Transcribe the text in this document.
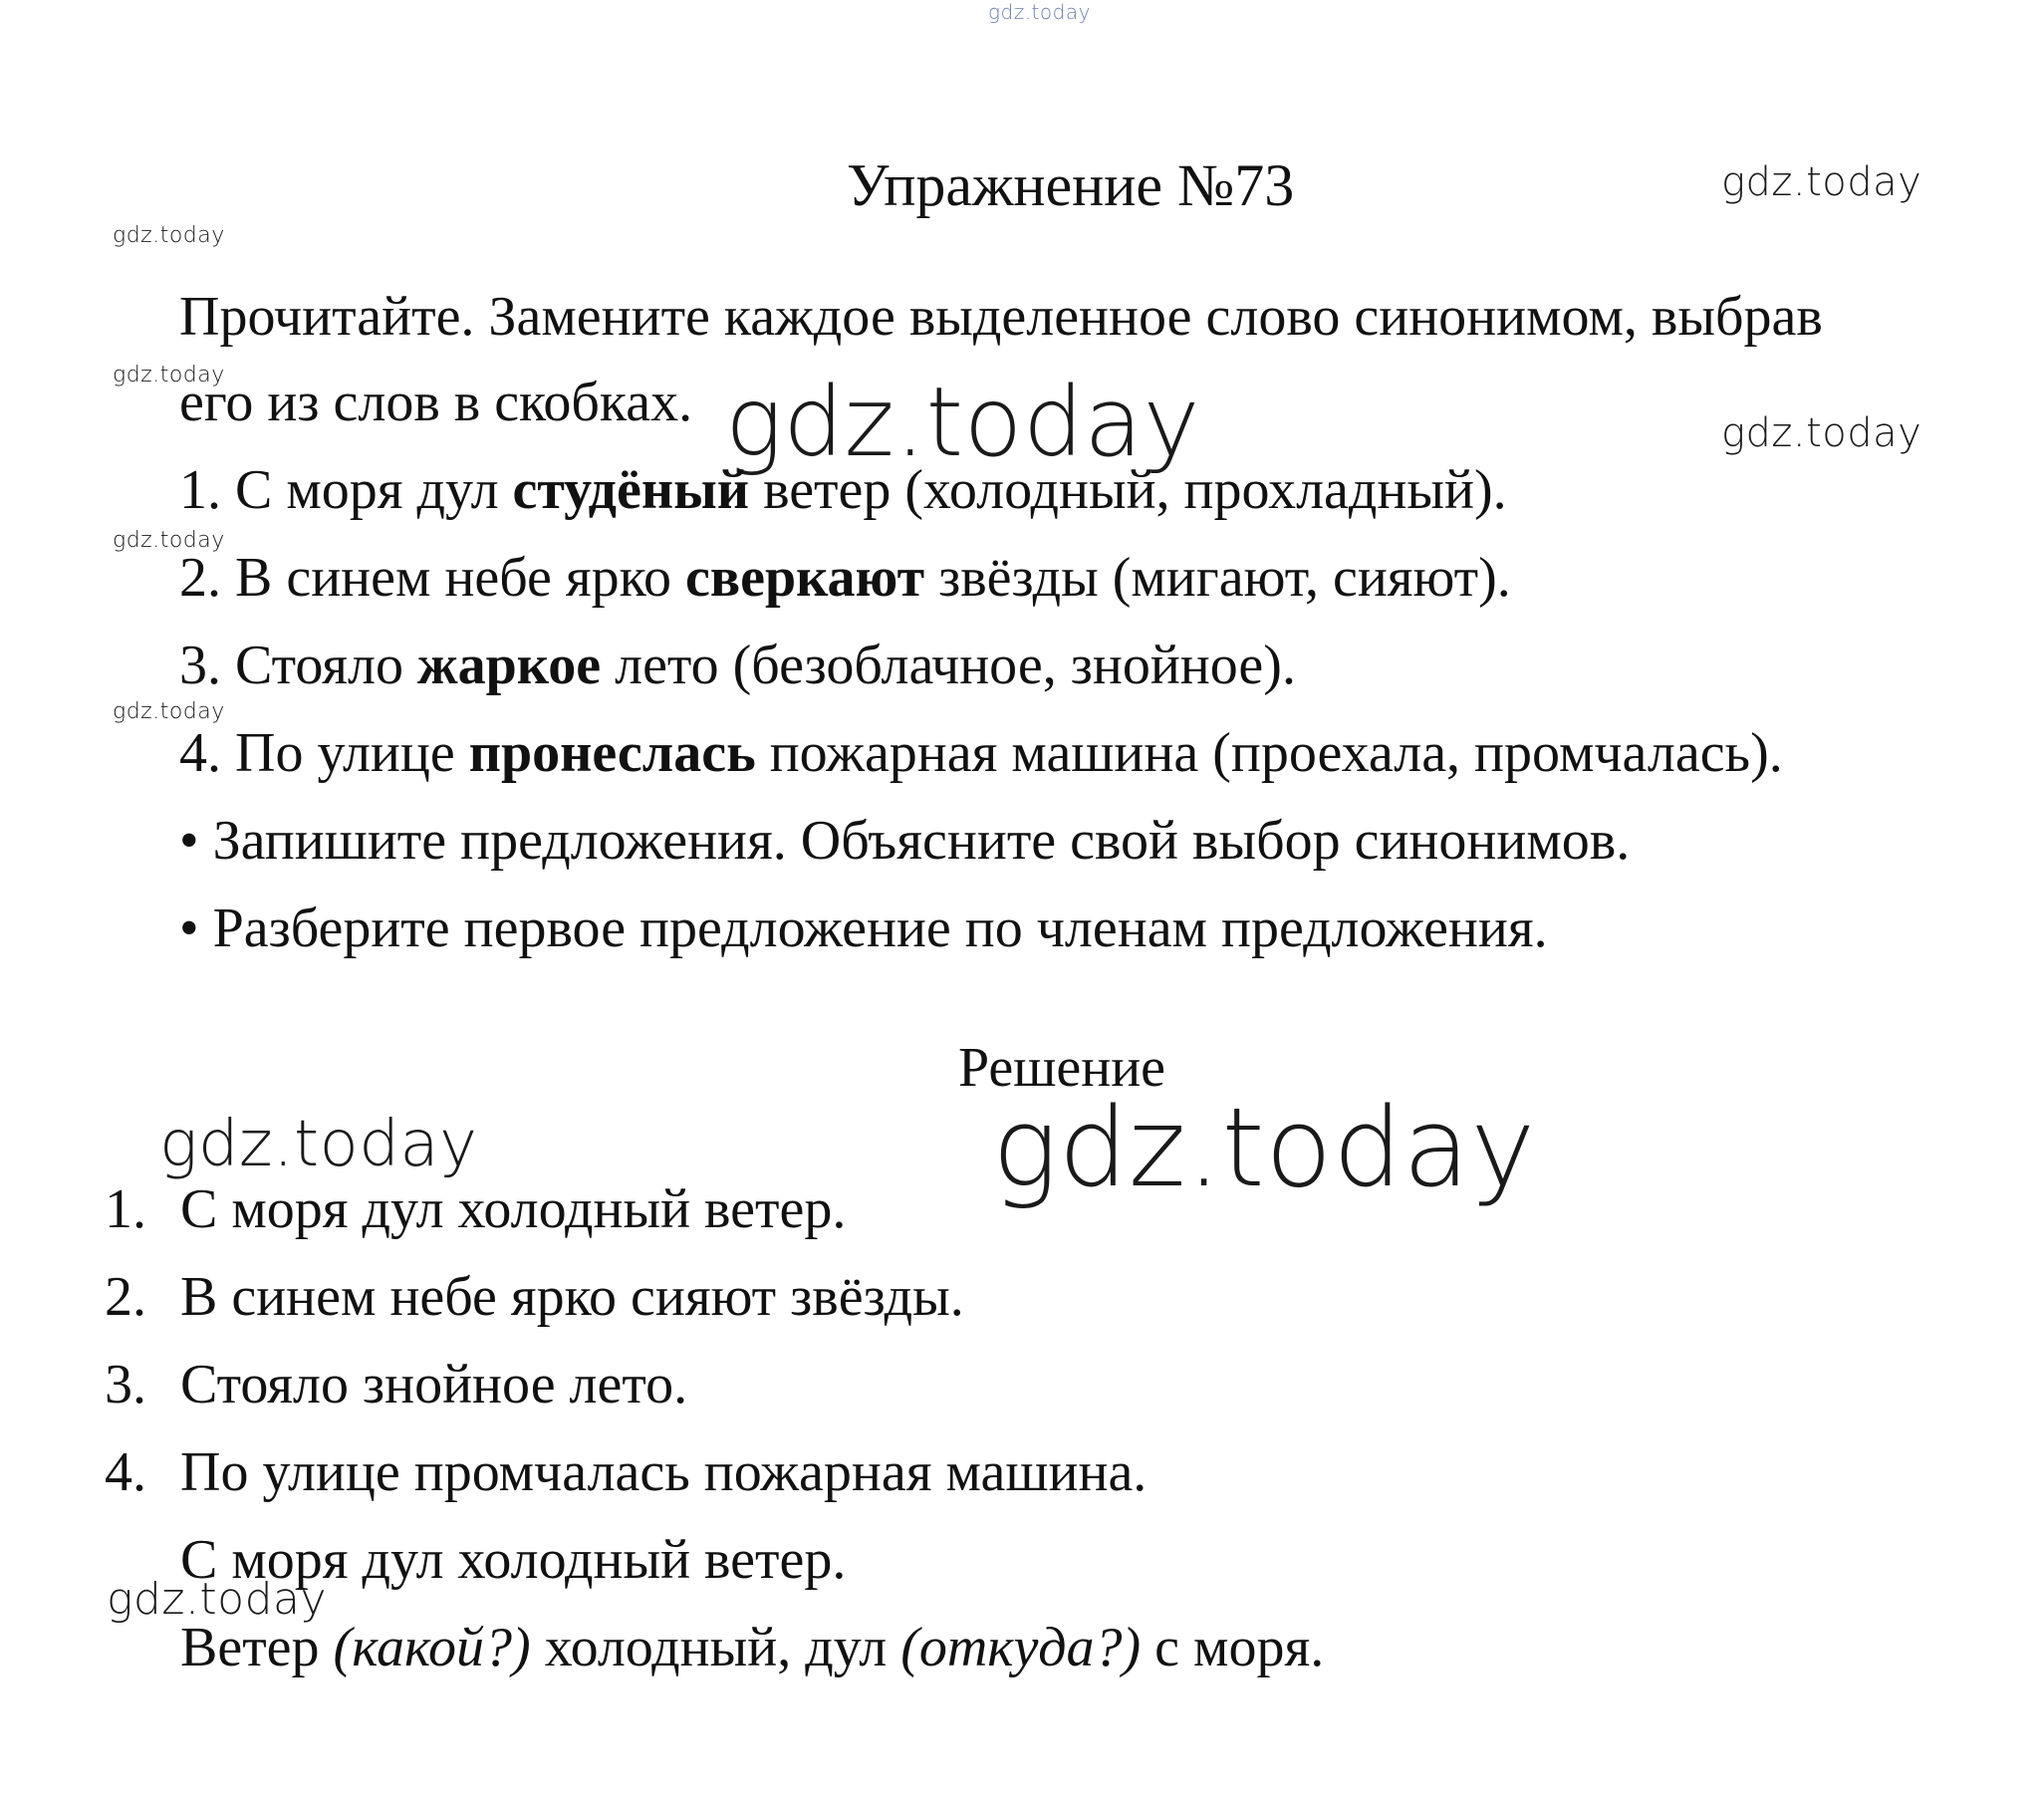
gdz.today
Упражнение №73	gdz.today
gdz.today
gdz.today
gdz.today
gdz.today
gdz.today
Прочитайте. Замените каждое выделенное слово синонимом, выбрав
его из слов в скобках. gdz.today
1. С моря дул студёный ветер (холодный, прохладный).
2. В синем небе ярко сверкают звёзды (мигают, сияют).
3. Стояло жаркое лето (безоблачное, знойное).
4. По улице пронеслась пожарная машина (проехала, промчалась).
• Запишите предложения. Объясните свой выбор синонимов.
• Разберите первое предложение по членам предложения.
Решение
gdz.today
gdz.today
1. С моря дул холодный ветер.
2. В синем небе ярко сияют звёзды.
3. Стояло знойное лето.
4. По улице промчалась пожарная машина.
С моря дул холодный ветер.
gdz.today
Ветер (какой?) холодный, дул (откуда?) с моря.
